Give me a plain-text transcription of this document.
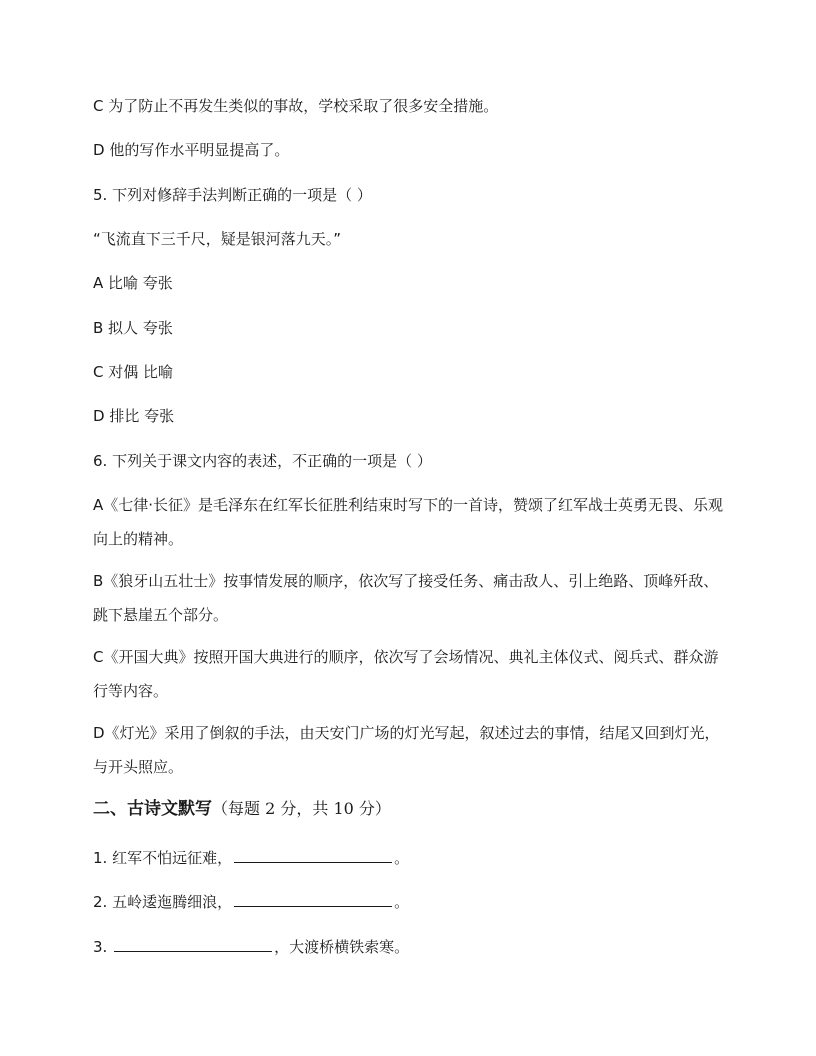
C 为了防止不再发生类似的事故，学校采取了很多安全措施。
D 他的写作水平明显提高了。
5. 下列对修辞手法判断正确的一项是（ ）
“飞流直下三千尺，疑是银河落九天。”
A 比喻 夸张
B 拟人 夸张
C 对偶 比喻
D 排比 夸张
6. 下列关于课文内容的表述，不正确的一项是（ ）
A《七律·长征》是毛泽东在红军长征胜利结束时写下的一首诗，赞颂了红军战士英勇无畏、乐观向上的精神。
B《狼牙山五壮士》按事情发展的顺序，依次写了接受任务、痛击敌人、引上绝路、顶峰歼敌、跳下悬崖五个部分。
C《开国大典》按照开国大典进行的顺序，依次写了会场情况、典礼主体仪式、阅兵式、群众游行等内容。
D《灯光》采用了倒叙的手法，由天安门广场的灯光写起，叙述过去的事情，结尾又回到灯光，与开头照应。
二、古诗文默写（每题 2 分，共 10 分）
1. 红军不怕远征难，	。
2. 五岭逶迤腾细浪，	。
3.	，大渡桥横铁索寒。
